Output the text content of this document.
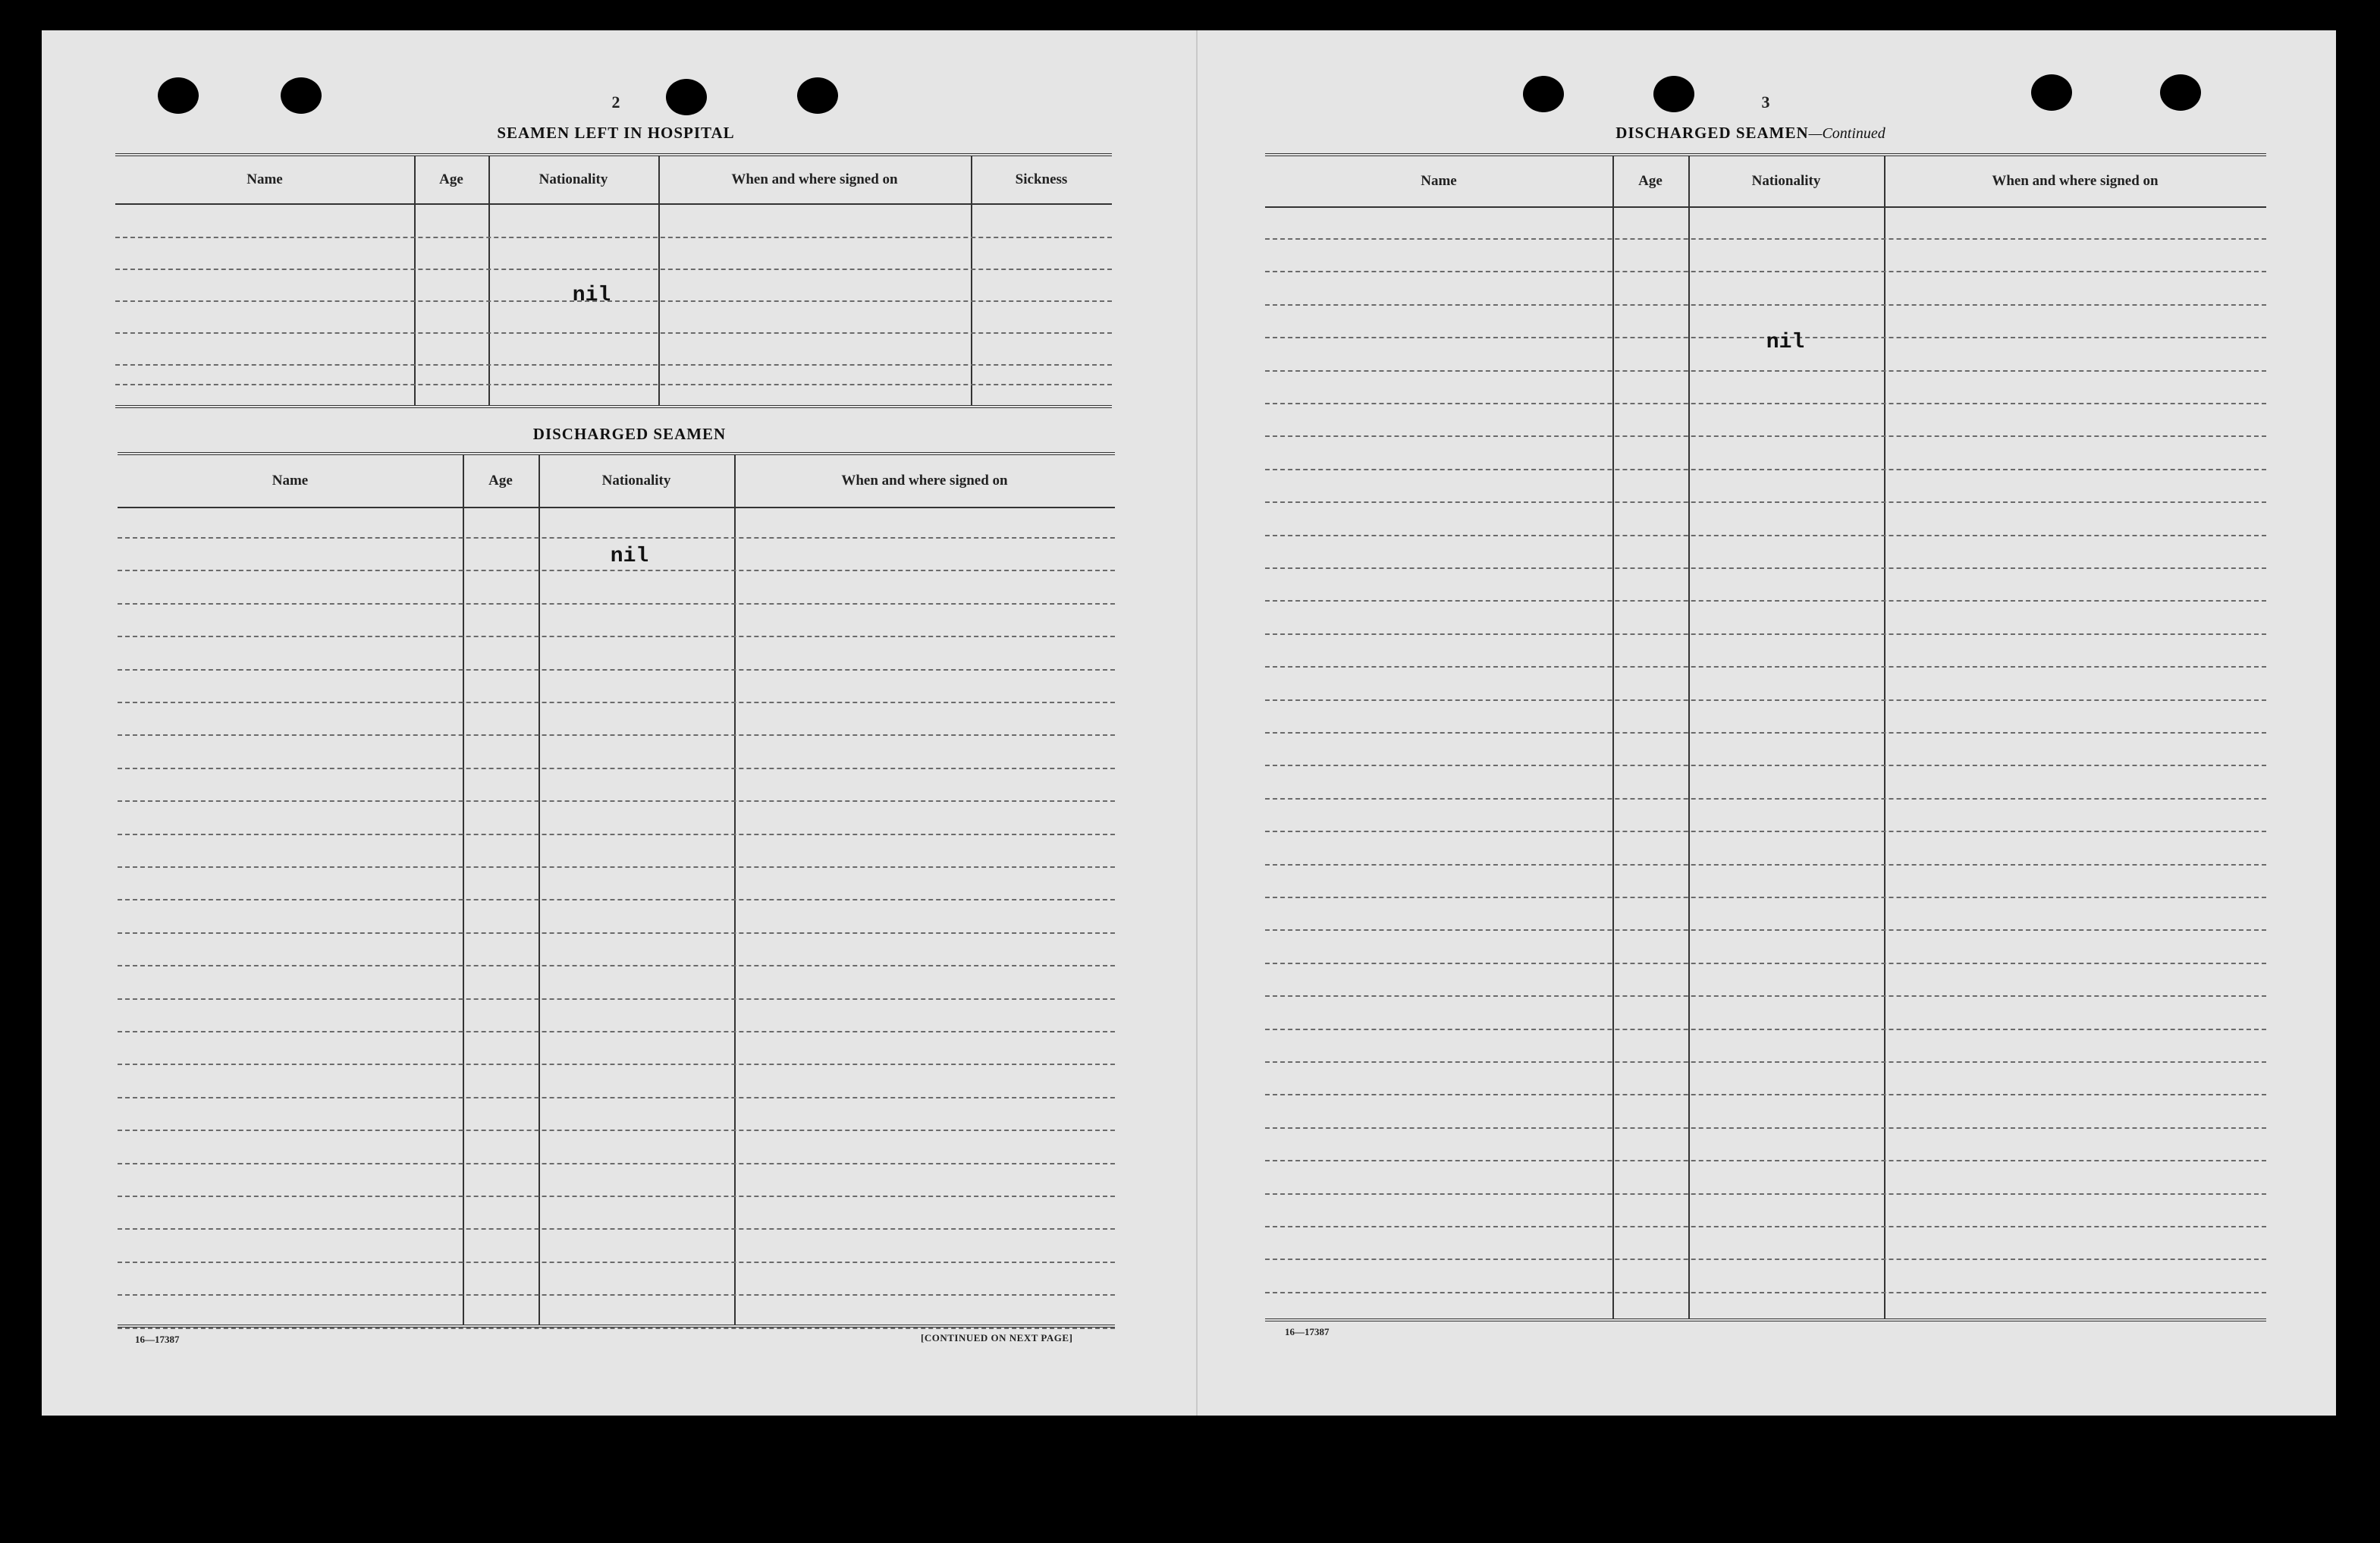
2
SEAMEN LEFT IN HOSPITAL
Name	Age	Nationality	When and where signed on	Sickness
nil
DISCHARGED SEAMEN
Name	Age	Nationality	When and where signed on
nil
16—17387	[CONTINUED ON NEXT PAGE]
3
DISCHARGED SEAMEN—Continued
Name	Age	Nationality	When and where signed on
nil
16—17387
